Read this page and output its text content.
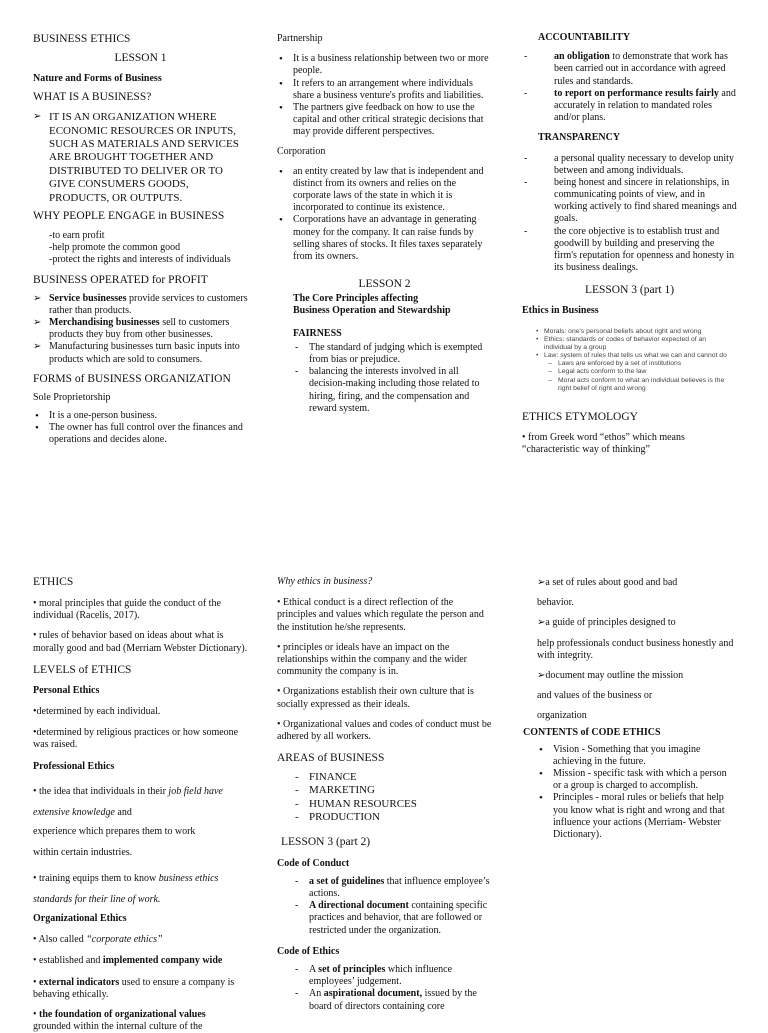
BUSINESS ETHICS

LESSON 1

Nature and Forms of Business

WHAT IS A BUSINESS?

➢ IT IS AN ORGANIZATION WHERE ECONOMIC RESOURCES OR INPUTS, SUCH AS MATERIALS AND SERVICES ARE BROUGHT TOGETHER AND DISTRIBUTED TO DELIVER OR TO GIVE CONSUMERS GOODS, PRODUCTS, OR OUTPUTS.

WHY PEOPLE ENGAGE in BUSINESS

-to earn profit

-help promote the common good

-protect the rights and interests of individuals

BUSINESS OPERATED for PROFIT

➢ Service businesses provide services to customers rather than products.
➢ Merchandising businesses sell to customers products they buy from other businesses.
➢ Manufacturing businesses turn basic inputs into products which are sold to consumers.

FORMS of BUSINESS ORGANIZATION

Sole Proprietorship

• It is a one-person business.
• The owner has full control over the finances and operations and decides alone.

Partnership

• It is a business relationship between two or more people.
• It refers to an arrangement where individuals share a business venture's profits and liabilities.
• The partners give feedback on how to use the capital and other critical strategic decisions that may provide different perspectives.

Corporation

• an entity created by law that is independent and distinct from its owners and relies on the corporate laws of the state in which it is incorporated to continue its existence.
• Corporations have an advantage in generating money for the company. It can raise funds by selling shares of stocks. It files taxes separately from its owners.

LESSON 2

The Core Principles affecting Business Operation and Stewardship

FAIRNESS

- The standard of judging which is exempted from bias or prejudice.
- balancing the interests involved in all decision-making including those related to hiring, firing, and the compensation and reward system.

ACCOUNTABILITY

- an obligation to demonstrate that work has been carried out in accordance with agreed rules and standards.
- to report on performance results fairly and accurately in relation to mandated roles and/or plans.

TRANSPARENCY

- a personal quality necessary to develop unity between and among individuals.
- being honest and sincere in relationships, in communicating points of view, and in working actively to find shared meanings and goals.
- the core objective is to establish trust and goodwill by building and preserving the firm's reputation for openness and honesty in its business dealings.

LESSON 3 (part 1)

Ethics in Business

• Morals: one's personal beliefs about right and wrong
• Ethics: standards or codes of behavior expected of an individual by a group
• Law: system of rules that tells us what we can and cannot do
– Laws are enforced by a set of institutions
– Legal acts conform to the law
– Moral acts conform to what an individual believes is the right belief of right and wrong

ETHICS ETYMOLOGY

• from Greek word “ethos” which means “characteristic way of thinking”

ETHICS

• moral principles that guide the conduct of the individual (Racelis, 2017).

• rules of behavior based on ideas about what is morally good and bad (Merriam Webster Dictionary).

LEVELS of ETHICS

Personal Ethics

•determined by each individual.

•determined by religious practices or how someone was raised.

Professional Ethics

• the idea that individuals in their job field have extensive knowledge and

experience which prepares them to work

within certain industries.

• training equips them to know business ethics standards for their line of work.

Organizational Ethics

• Also called “corporate ethics”

• established and implemented company wide

• external indicators used to ensure a company is behaving ethically.

• the foundation of organizational values

grounded within the internal culture of the

Why ethics in business?

• Ethical conduct is a direct reflection of the principles and values which regulate the person and the institution he/she represents.

• principles or ideals have an impact on the relationships within the company and the wider community the company is in.

• Organizations establish their own culture that is socially expressed as their ideals.

• Organizational values and codes of conduct must be adhered by all workers.

AREAS of BUSINESS

- FINANCE
- MARKETING
- HUMAN RESOURCES
- PRODUCTION

LESSON 3 (part 2)

Code of Conduct

- a set of guidelines that influence employee’s actions.
- A directional document containing specific practices and behavior, that are followed or restricted under the organization.

Code of Ethics

- A set of principles which influence employees’ judgement.
- An aspirational document, issued by the board of directors containing core

➢a set of rules about good and bad

behavior.

➢a guide of principles designed to

help professionals conduct business honestly and with integrity.

➢document may outline the mission

and values of the business or

organization

CONTENTS of CODE ETHICS

• Vision - Something that you imagine achieving in the future.
• Mission - specific task with which a person or a group is charged to accomplish.
• Principles - moral rules or beliefs that help you know what is right and wrong and that influence your actions (Merriam- Webster Dictionary).
